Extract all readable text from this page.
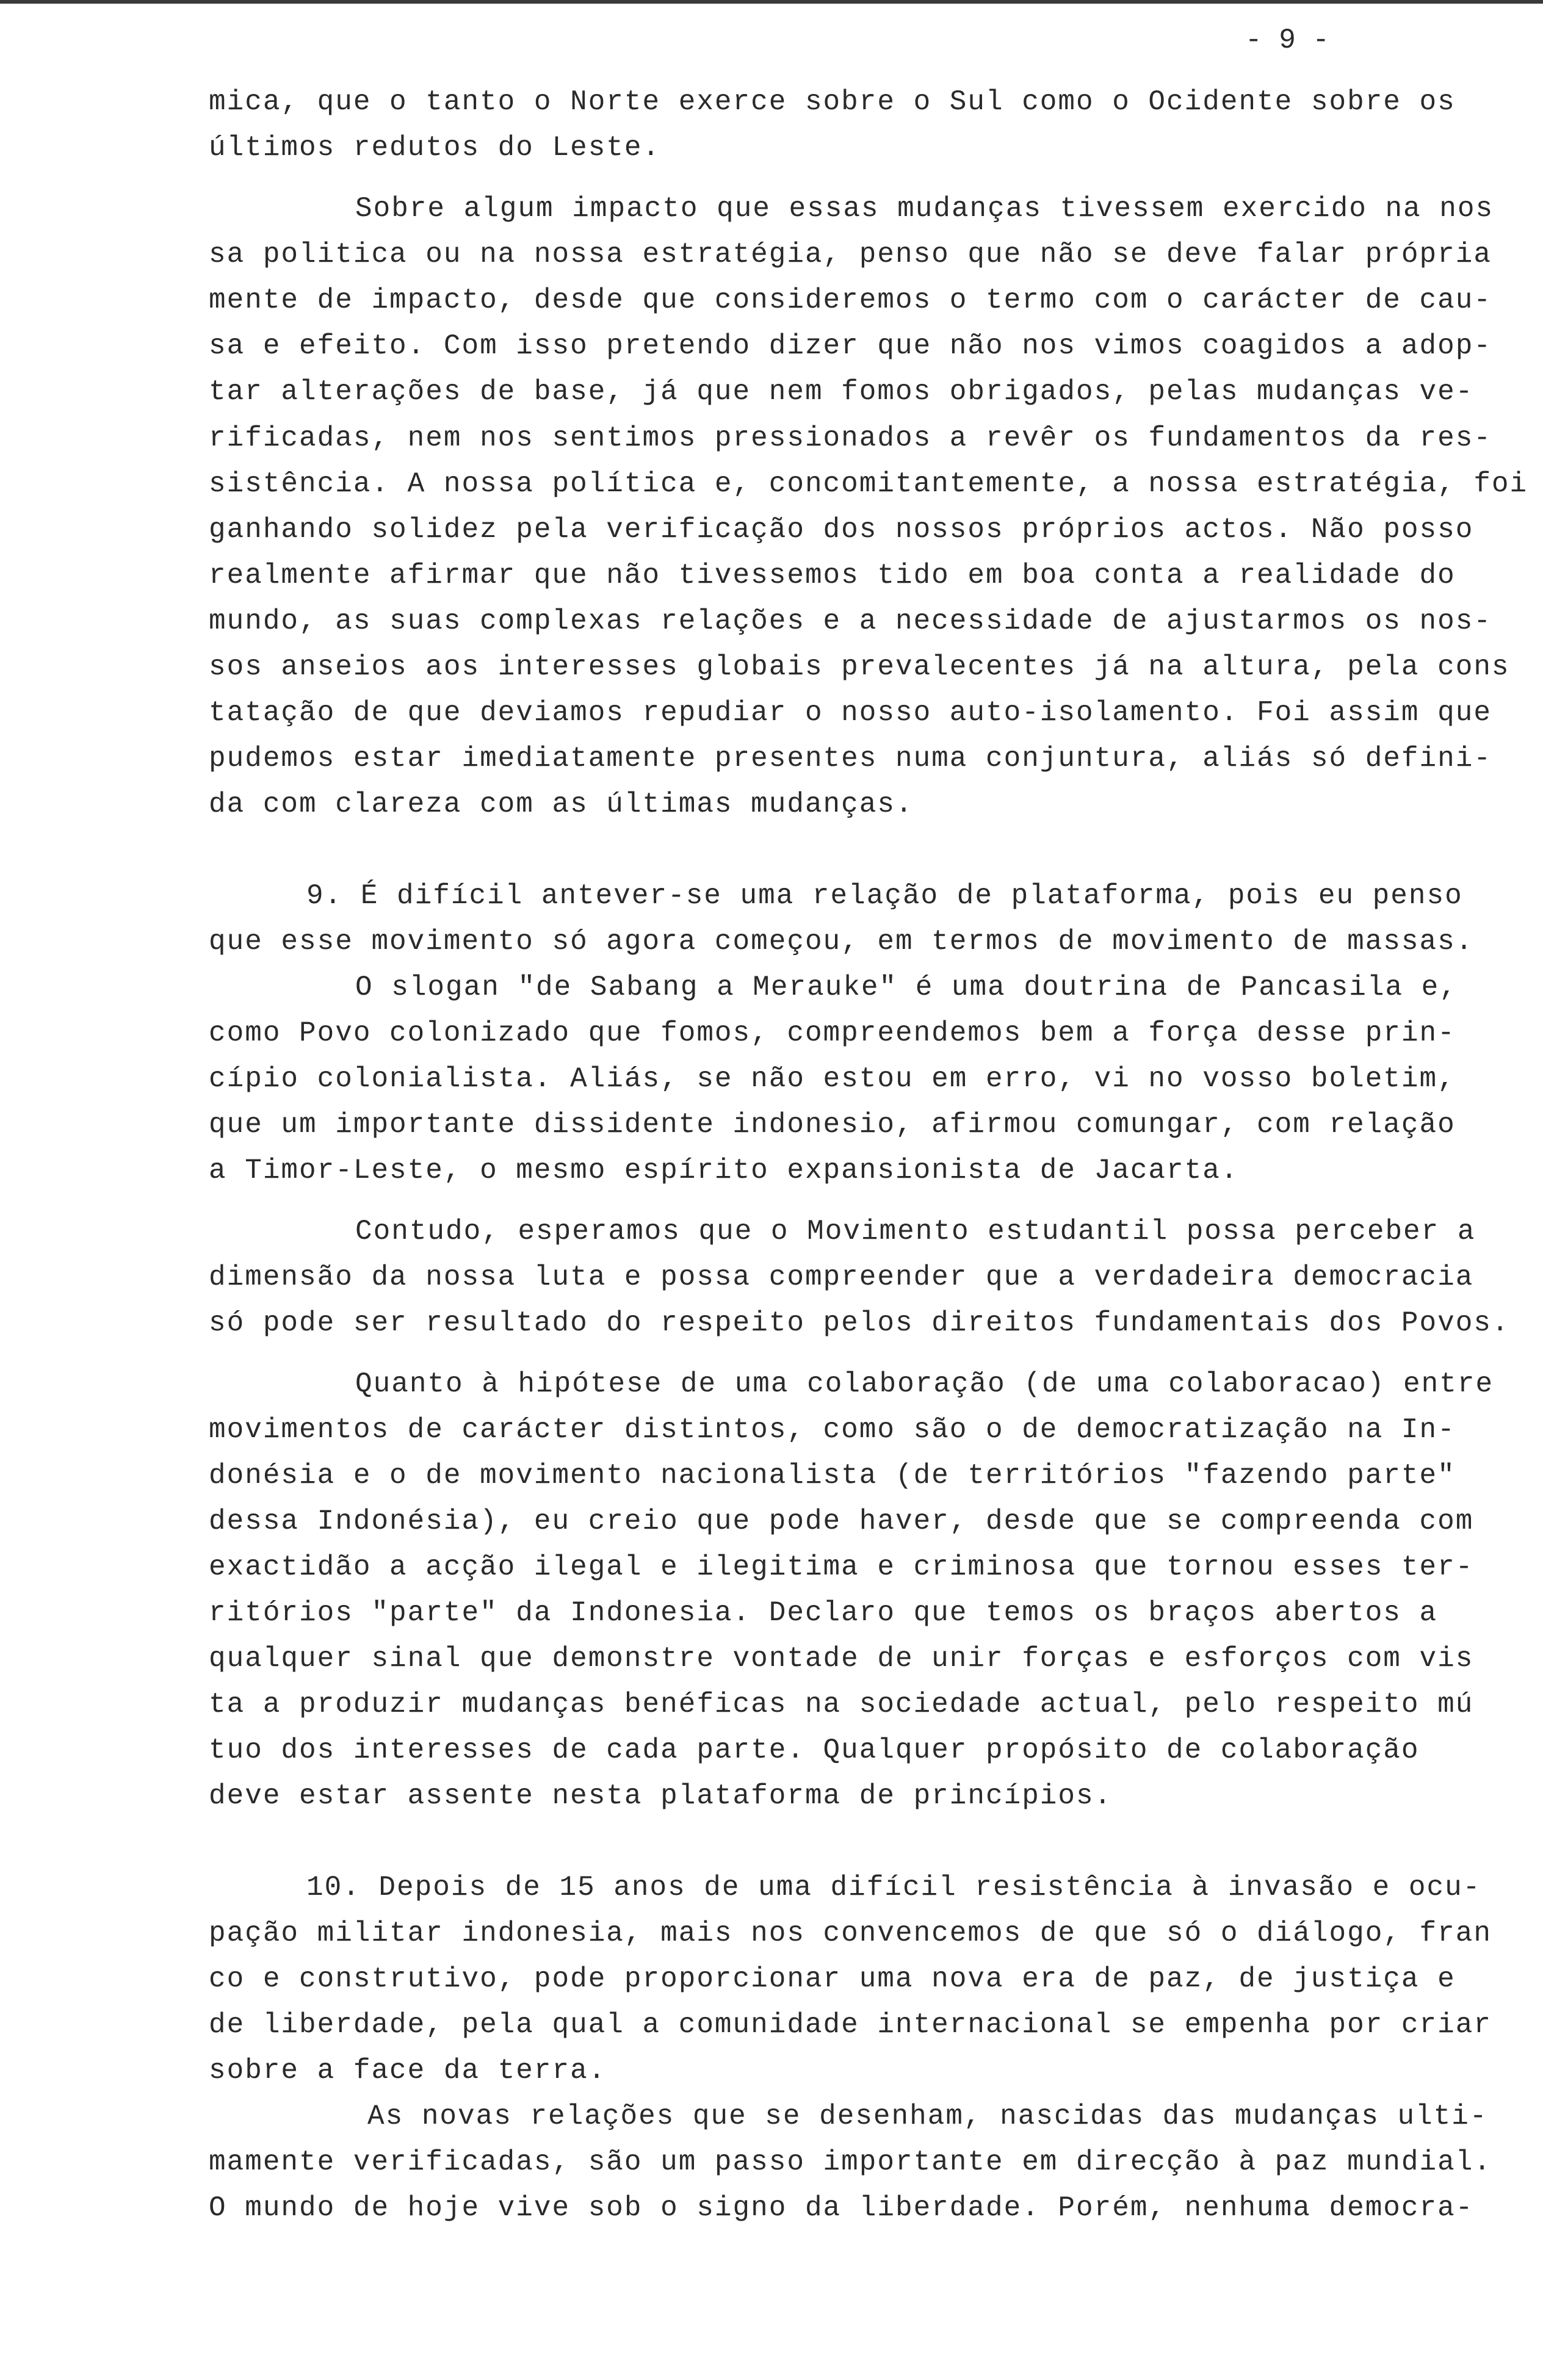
- 9 -
mica, que o tanto o Norte exerce sobre o Sul como o Ocidente sobre os
últimos redutos do Leste.
Sobre algum impacto que essas mudanças tivessem exercido na nos
sa politica ou na nossa estratégia, penso que não se deve falar própria
mente de impacto, desde que consideremos o termo com o carácter de cau-
sa e efeito. Com isso pretendo dizer que não nos vimos coagidos a adop-
tar alterações de base, já que nem fomos obrigados, pelas mudanças ve-
rificadas, nem nos sentimos pressionados a revêr os fundamentos da res-
sistência. A nossa política e, concomitantemente, a nossa estratégia, foi
ganhando solidez pela verificação dos nossos próprios actos. Não posso
realmente afirmar que não tivessemos tido em boa conta a realidade do
mundo, as suas complexas relações e a necessidade de ajustarmos os nos-
sos anseios aos interesses globais prevalecentes já na altura, pela cons
tatação de que deviamos repudiar o nosso auto-isolamento. Foi assim que
pudemos estar imediatamente presentes numa conjuntura, aliás só defini-
da com clareza com as últimas mudanças.
9. É difícil antever-se uma relação de plataforma, pois eu penso
que esse movimento só agora começou, em termos de movimento de massas.
O slogan "de Sabang a Merauke" é uma doutrina de Pancasila e,
como Povo colonizado que fomos, compreendemos bem a força desse prin-
cípio colonialista. Aliás, se não estou em erro, vi no vosso boletim,
que um importante dissidente indonesio, afirmou comungar, com relação
a Timor-Leste, o mesmo espírito expansionista de Jacarta.
Contudo, esperamos que o Movimento estudantil possa perceber a
dimensão da nossa luta e possa compreender que a verdadeira democracia
só pode ser resultado do respeito pelos direitos fundamentais dos Povos.
Quanto à hipótese de uma colaboração (de uma colaboracao) entre
movimentos de carácter distintos, como são o de democratização na In-
donésia e o de movimento nacionalista (de territórios "fazendo parte"
dessa Indonésia), eu creio que pode haver, desde que se compreenda com
exactidão a acção ilegal e ilegitima e criminosa que tornou esses ter-
ritórios "parte" da Indonesia. Declaro que temos os braços abertos a
qualquer sinal que demonstre vontade de unir forças e esforços com vis
ta a produzir mudanças benéficas na sociedade actual, pelo respeito mú
tuo dos interesses de cada parte. Qualquer propósito de colaboração
deve estar assente nesta plataforma de princípios.
10. Depois de 15 anos de uma difícil resistência à invasão e ocu-
pação militar indonesia, mais nos convencemos de que só o diálogo, fran
co e construtivo, pode proporcionar uma nova era de paz, de justiça e
de liberdade, pela qual a comunidade internacional se empenha por criar
sobre a face da terra.
As novas relações que se desenham, nascidas das mudanças ulti-
mamente verificadas, são um passo importante em direcção à paz mundial.
O mundo de hoje vive sob o signo da liberdade. Porém, nenhuma democra-
